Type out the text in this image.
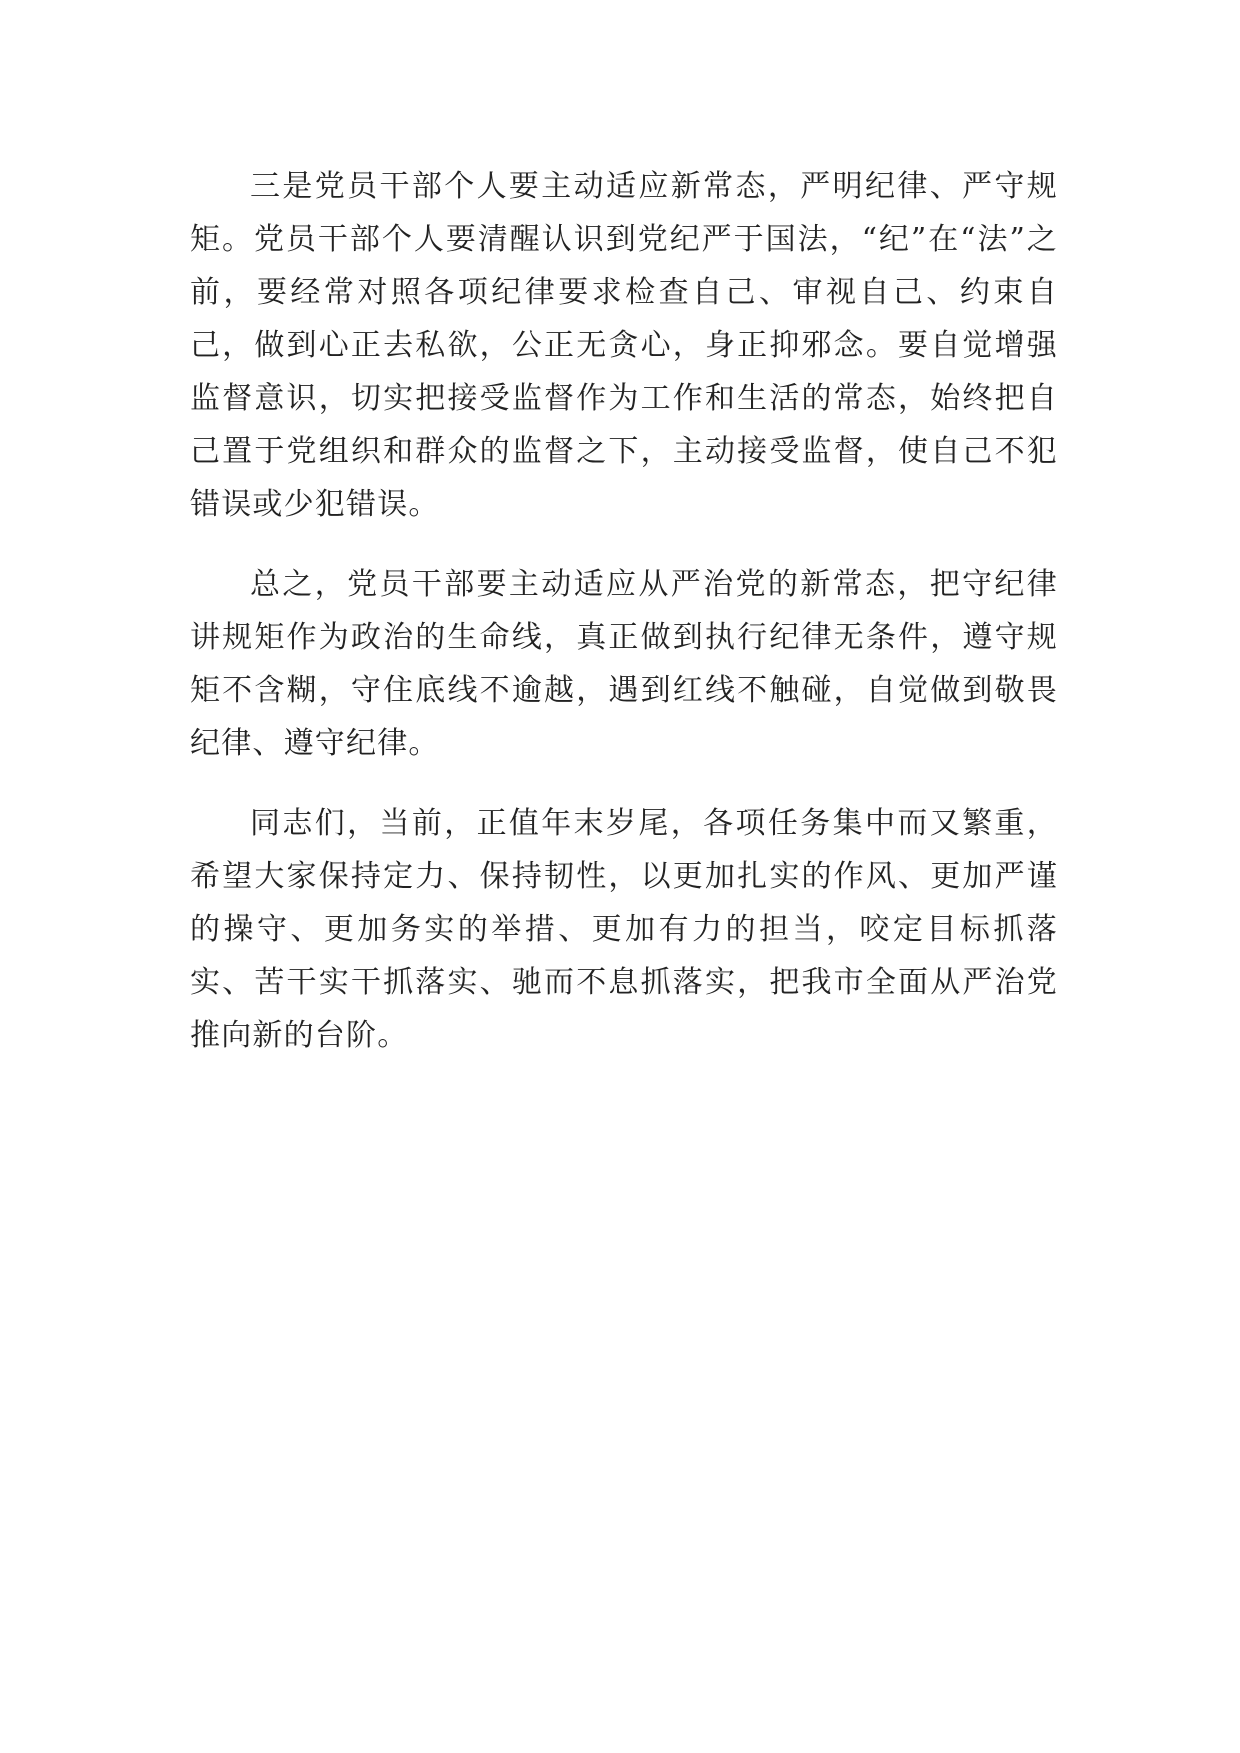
三是党员干部个人要主动适应新常态，严明纪律、严守规矩。党员干部个人要清醒认识到党纪严于国法，“纪”在“法”之前，要经常对照各项纪律要求检查自己、审视自己、约束自己，做到心正去私欲，公正无贪心，身正抑邪念。要自觉增强监督意识，切实把接受监督作为工作和生活的常态，始终把自己置于党组织和群众的监督之下，主动接受监督，使自己不犯错误或少犯错误。

总之，党员干部要主动适应从严治党的新常态，把守纪律讲规矩作为政治的生命线，真正做到执行纪律无条件，遵守规矩不含糊，守住底线不逾越，遇到红线不触碰，自觉做到敬畏纪律、遵守纪律。

同志们，当前，正值年末岁尾，各项任务集中而又繁重，希望大家保持定力、保持韧性，以更加扎实的作风、更加严谨的操守、更加务实的举措、更加有力的担当，咬定目标抓落实、苦干实干抓落实、驰而不息抓落实，把我市全面从严治党推向新的台阶。
